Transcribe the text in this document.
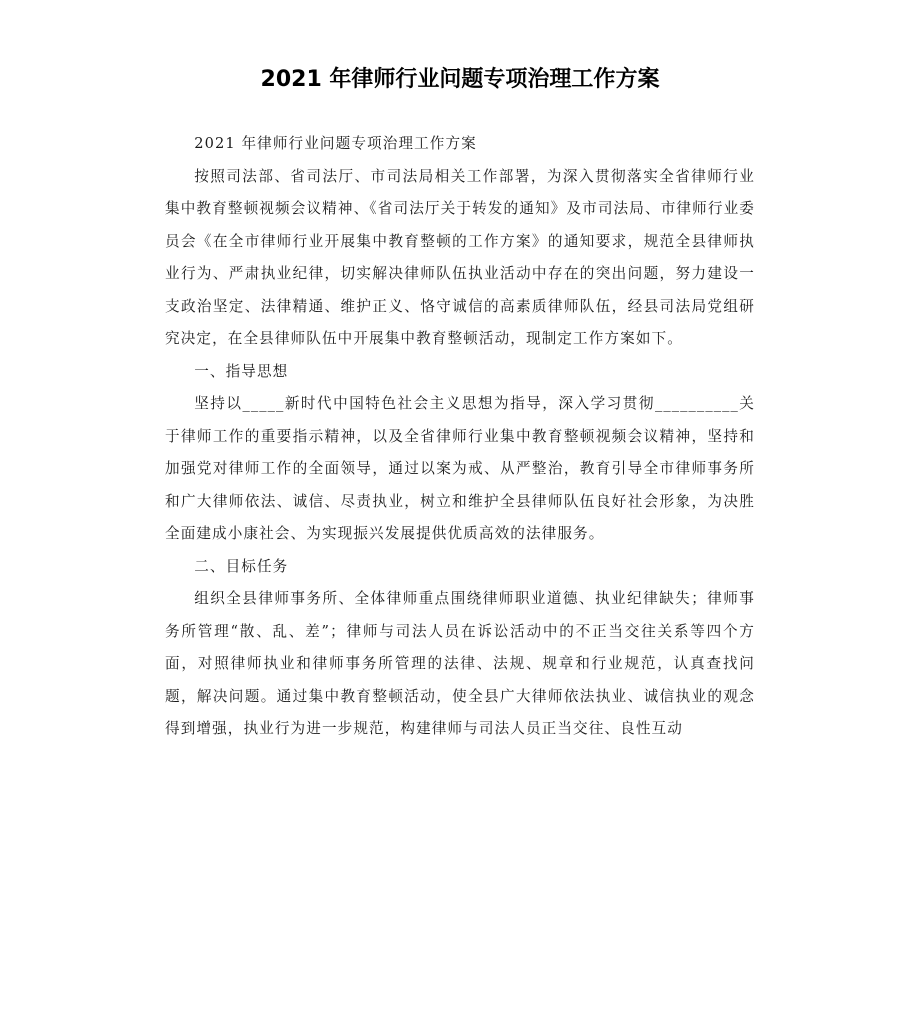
2021 年律师行业问题专项治理工作方案

2021 年律师行业问题专项治理工作方案

按照司法部、省司法厅、市司法局相关工作部署，为深入贯彻落实全省律师行业集中教育整顿视频会议精神、《省司法厅关于转发的通知》及市司法局、市律师行业委员会《在全市律师行业开展集中教育整顿的工作方案》的通知要求，规范全县律师执业行为、严肃执业纪律，切实解决律师队伍执业活动中存在的突出问题，努力建设一支政治坚定、法律精通、维护正义、恪守诚信的高素质律师队伍，经县司法局党组研究决定，在全县律师队伍中开展集中教育整顿活动，现制定工作方案如下。

一、指导思想

坚持以_____新时代中国特色社会主义思想为指导，深入学习贯彻__________关于律师工作的重要指示精神，以及全省律师行业集中教育整顿视频会议精神，坚持和加强党对律师工作的全面领导，通过以案为戒、从严整治，教育引导全市律师事务所和广大律师依法、诚信、尽责执业，树立和维护全县律师队伍良好社会形象，为决胜全面建成小康社会、为实现振兴发展提供优质高效的法律服务。

二、目标任务

组织全县律师事务所、全体律师重点围绕律师职业道德、执业纪律缺失；律师事务所管理“散、乱、差”；律师与司法人员在诉讼活动中的不正当交往关系等四个方面，对照律师执业和律师事务所管理的法律、法规、规章和行业规范，认真查找问题，解决问题。通过集中教育整顿活动，使全县广大律师依法执业、诚信执业的观念得到增强，执业行为进一步规范，构建律师与司法人员正当交往、良性互动
